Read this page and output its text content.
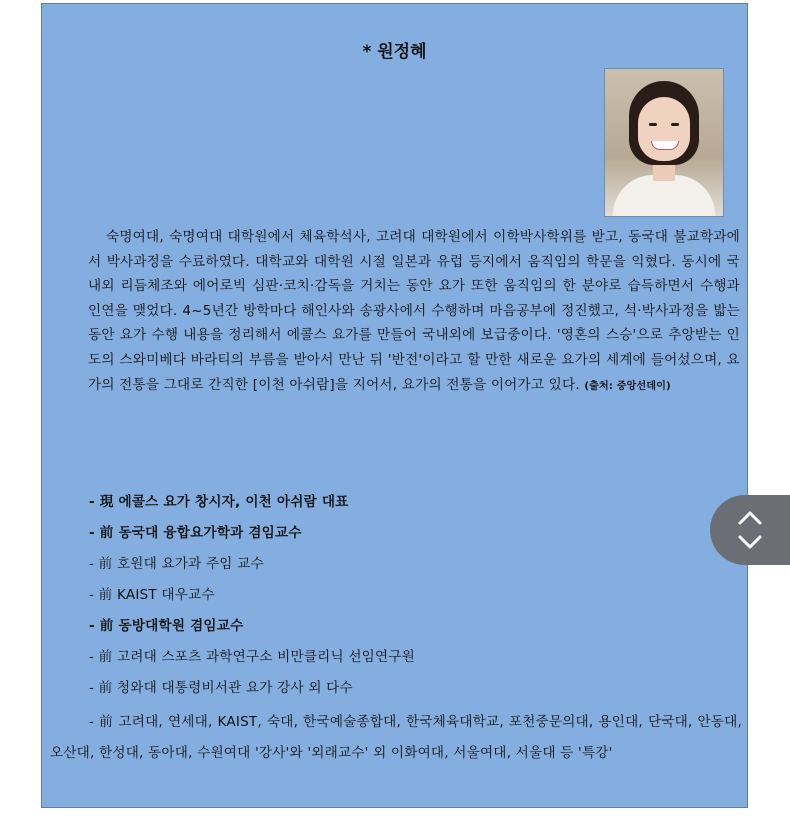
* 원정혜

숙명여대, 숙명여대 대학원에서 체육학석사, 고려대 대학원에서 이학박사학위를 받고, 동국대 불교학과에서 박사과정을 수료하였다. 대학교와 대학원 시절 일본과 유럽 등지에서 움직임의 학문을 익혔다. 동시에 국내외 리듬체조와 에어로빅 심판·코치·감독을 거치는 동안 요가 또한 움직임의 한 분야로 습득하면서 수행과 인연을 맺었다. 4~5년간 방학마다 해인사와 송광사에서 수행하며 마음공부에 정진했고, 석·박사과정을 밟는 동안 요가 수행 내용을 정리해서 에콜스 요가를 만들어 국내외에 보급중이다. '영혼의 스승'으로 추앙받는 인도의 스와미베다 바라티의 부름을 받아서 만난 뒤 '반전'이라고 할 만한 새로운 요가의 세계에 들어섰으며, 요가의 전통을 그대로 간직한 [이천 아쉬람]을 지어서, 요가의 전통을 이어가고 있다. (출처: 중앙선데이)

- 現 에콜스 요가 창시자, 이천 아쉬람 대표
- 前 동국대 융합요가학과 겸임교수
- 前 호원대 요가과 주임 교수
- 前 KAIST 대우교수
- 前 동방대학원 겸임교수
- 前 고려대 스포츠 과학연구소 비만클리닉 선임연구원
- 前 청와대 대통령비서관 요가 강사 외 다수

- 前 고려대, 연세대, KAIST, 숙대, 한국예술종합대, 한국체육대학교, 포천중문의대, 용인대, 단국대, 안동대, 오산대, 한성대, 동아대, 수원여대 '강사'와 '외래교수' 외 이화여대, 서울여대, 서울대 등 '특강'
